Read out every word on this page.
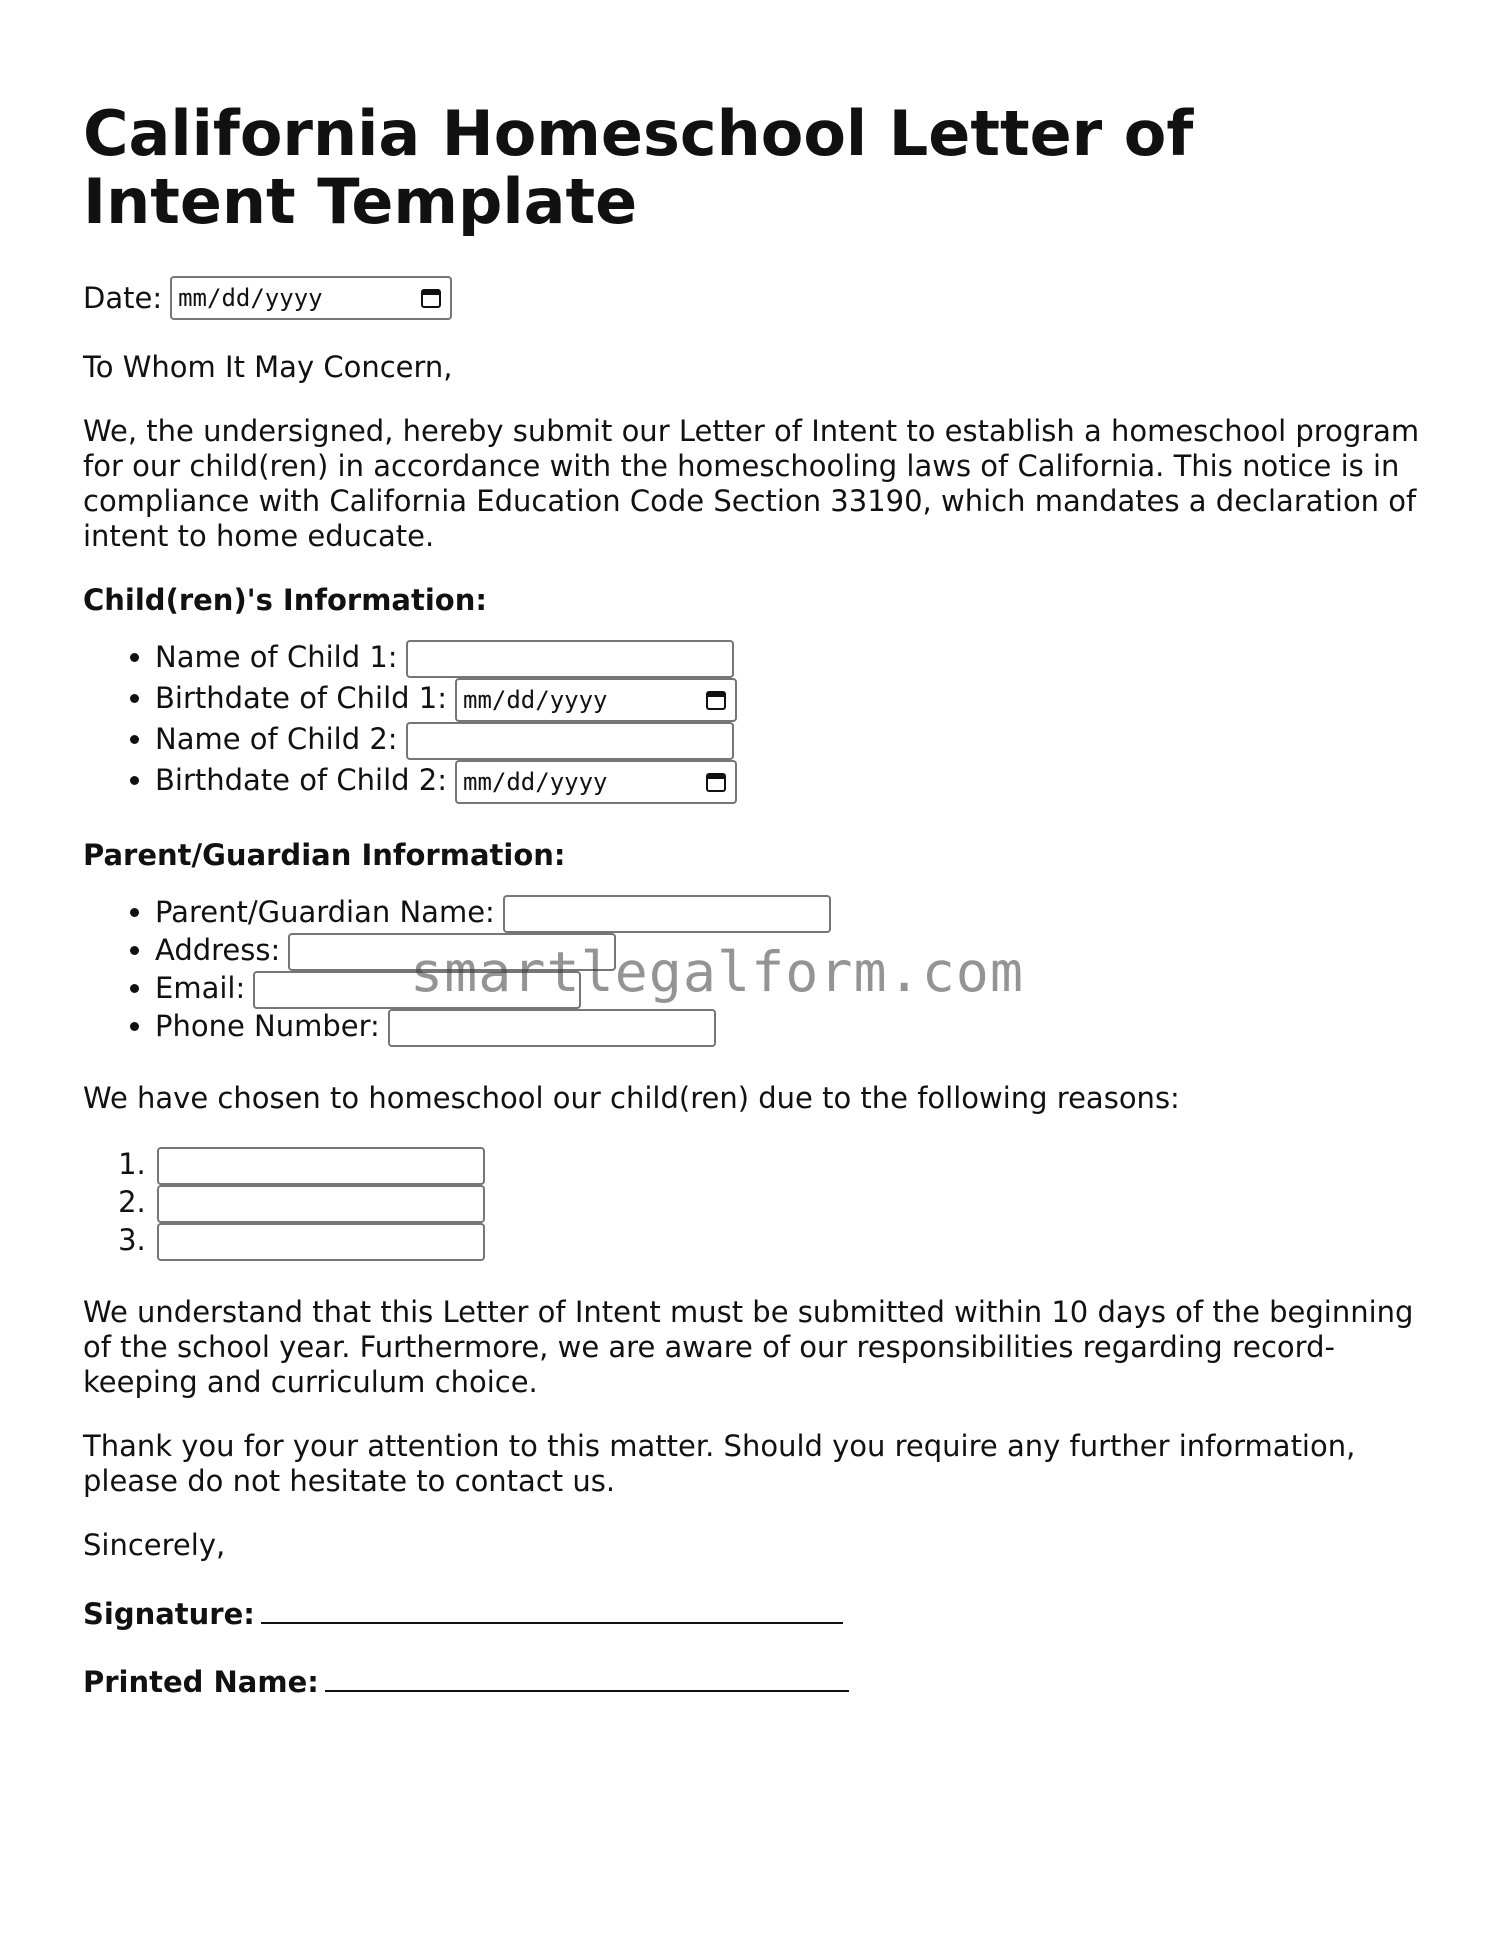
California Homeschool Letter of Intent Template
Date: mm/dd/yyyy

To Whom It May Concern,

We, the undersigned, hereby submit our Letter of Intent to establish a homeschool program for our child(ren) in accordance with the homeschooling laws of California. This notice is in compliance with California Education Code Section 33190, which mandates a declaration of intent to home educate.

Child(ren)'s Information:
• Name of Child 1:
• Birthdate of Child 1: mm/dd/yyyy
• Name of Child 2:
• Birthdate of Child 2: mm/dd/yyyy
Parent/Guardian Information:
• Parent/Guardian Name:
• Address:
• Email:
• Phone Number:

We have chosen to homeschool our child(ren) due to the following reasons:

1.
2.
3.

We understand that this Letter of Intent must be submitted within 10 days of the beginning of the school year. Furthermore, we are aware of our responsibilities regarding record-keeping and curriculum choice.

Thank you for your attention to this matter. Should you require any further information, please do not hesitate to contact us.

Sincerely,

Signature:
Printed Name:
smartlegalform.com
